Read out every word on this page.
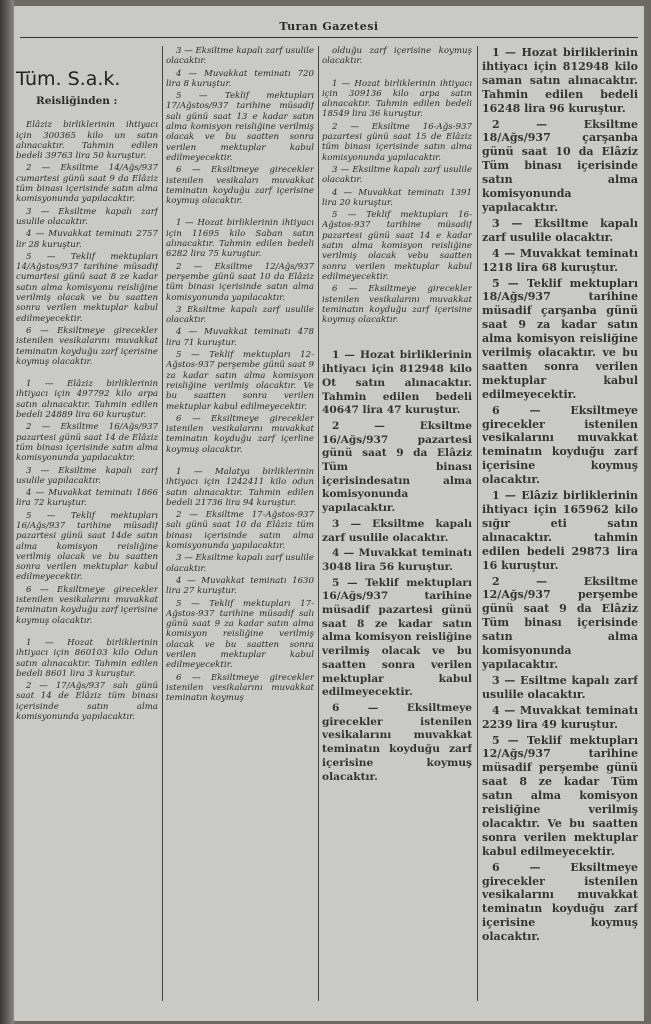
Turan Gazetesi
Tüm. S.a.k.
Reisliğinden :

Elâziz birliklerinin ihtiyacı için 300365 kilo un satın alınacaktır. Tahmin edilen bedeli 39763 lira 50 kuruştur.

2 — Eksiltme 14/Ağs/937 cumartesi günü saat 9 da Elâziz tüm binası içerisinde satın alma komisyonunda yapılacaktır.

3 — Eksiltme kapalı zarf usulile olacaktır.

4 — Muvakkat teminatı 2757 lir 28 kuruştur.

5 — Teklif mektupları 14/Ağstos/937 tarihine müsadif cumartesi günü saat 8 ze kadar satın alma komisyonu reisliğine verilmiş olacak ve bu saatten sonra verilen mektuplar kabul edilmeyecektir.

6 — Eksiltmeye girecekler istenilen vesikalarını muvakkat teminatın koyduğu zarf içerisine koymuş olacaktır.

1 — Elâziz birliklerinin ihtiyacı için 497792 kilo arpa satın alınacaktır. Tahmin edilen bedeli 24889 lira 60 kuruştur.

2 — Eksiltme 16/Ağs/937 pazartesi günü saat 14 de Elâziz tüm binası içerisinde satın alma komisyonunda yapılacaktır.

3 — Eksiltme kapalı zarf usulile yapılacaktır.

4 — Muvakkat teminatı 1866 lira 72 kuruştur.

5 — Teklif mektupları 16/Ağs/937 tarihine müsadif pazartesi günü saat 14de satın alma komisyon reisliğine verilmiş olacak ve bu saatten sonra verilen mektuplar kabul edilmeyecektir.

6 — Eksiltmeye girecekler istenilen vesikalarını muvakkat teminatın koyduğu zarf içerisine koymuş olacaktır.

1 — Hozat birliklerinin ihtiyacı için 860103 kilo Odun satın alınacaktır. Tahmin edilen bedeli 8601 lira 3 kuruştur.

2 — 17/Ağs/937 salı günü saat 14 de Elâziz tüm binası içerisinde satın alma komisyonunda yapılacaktır.

3 — Eksiltme kapalı zarf usulile olacaktır.

4 — Muvakkat teminatı 720 lira 8 kuruştur.

5 — Teklif mektupları 17/Ağstos/937 tarihine müsadif salı günü saat 13 e kadar satın alma komisyon reisliğine verilmiş olacak ve bu saatten sonra verilen mektuplar kabul edilmeyecektir.

6 — Eksiltmeye girecekler istenilen vesikaları muvakkat teminatın koyduğu zarf içerisine koymuş olacaktır.

1 — Hozat birliklerinin ihtiyacı için 11695 kilo Saban satın alınacaktır. Tahmin edilen bedeli 6282 lira 75 kuruştur.

2 — Eksiltme 12/Ağs/937 perşembe günü saat 10 da Elâziz tüm binası içerisinde satın alma komisyonunda yapılacaktır.

3 Eksiltme kapalı zarf usulile olacaktır.

4 — Muvakkat teminatı 478 lira 71 kuruştur.

5 — Teklif mektupları 12-Ağstos-937 perşembe günü saat 9 za kadar satın alma komisyon reisliğine verilmiş olacaktır. Ve bu saatten sonra verilen mektuplar kabul edilmeyecektir.

6 — Eksiltmeye girecekler istenilen vesikalarını muvakkat teminatın koyduğu zarf içerline koymuş olacaktır.

1 — Malatya birliklerinin ihtiyacı için 1242411 kilo odun satın alınacaktır. Tahmin edilen bedeli 21736 lira 94 kuruştur.

2 — Eksiltme 17-Ağstos-937 salı günü saat 10 da Elâziz tüm binası içerisinde satın alma komisyonunda yapılacaktır.

3 — Eksiltme kapalı zarf usulile olacaktır.

4 — Muvakkat teminatı 1630 lira 27 kuruştur.

5 — Teklif mektupları 17-Ağstos-937 tarihine müsadif salı günü saat 9 za kadar satın alma komisyon reisliğine verilmiş olacak ve bu saatten sonra verilen mektuplar kabul edilmeyecektir.

6 — Eksiltmeye girecekler istenilen vesikalarını muvakkat teminatın koymuş

olduğu zarf içerisine koymuş olacaktır.

1 — Hozat birliklerinin ihtiyacı için 309136 kilo arpa satın alınacaktır. Tahmin edilen bedeli 18549 lira 36 kuruştur.

2 — Eksiltme 16-Ağs-937 pazartesi günü saat 15 de Elâziz tüm binası içerisinde satın alma komisyonunda yapılacaktır.

3 — Eksiltme kapalı zarf usulile olacaktır.

4 — Muvakkat teminatı 1391 lira 20 kuruştur.

5 — Teklif mektupları 16-Ağstos-937 tarihine müsadif pazartesi günü saat 14 e kadar satın alma komisyon reisliğine verilmiş olacak vebu saatten sonra verilen mektuplar kabul edilmeyecektir.

6 — Eksiltmeye girecekler istenilen vesikalarını muvakkat teminatın koyduğu zarf içerisine koymuş olacaktır.

1 — Hozat birliklerinin ihtiyacı için 812948 kilo Ot satın alınacaktır. Tahmin edilen bedeli 40647 lira 47 kuruştur.

2 — Eksiltme 16/Ağs/937 pazartesi günü saat 9 da Elâziz Tüm binası içerisindesatın alma komisyonunda yapılacaktır.

3 — Eksiltme kapalı zarf usulile olacaktır.

4 — Muvakkat teminatı 3048 lira 56 kuruştur.

5 — Teklif mektupları 16/Ağs/937 tarihine müsadif pazartesi günü saat 8 ze kadar satın alma komisyon reisliğine verilmiş olacak ve bu saatten sonra verilen mektuplar kabul edilmeyecektir.

6 — Eksiltmeye girecekler istenilen vesikalarını muvakkat teminatın koyduğu zarf içerisine koymuş olacaktır.

1 — Hozat birliklerinin ihtiyacı için 812948 kilo saman satın alınacaktır. Tahmin edilen bedeli 16248 lira 96 kuruştur.

2 — Eksiltme 18/Ağs/937 çarşanba günü saat 10 da Elâziz Tüm binası içerisinde satın alma komisyonunda yapılacaktır.

3 — Eksiltme kapalı zarf usulile olacaktır.

4 — Muvakkat teminatı 1218 lira 68 kuruştur.

5 — Teklif mektupları 18/Ağs/937 tarihine müsadif çarşanba günü saat 9 za kadar satın alma komisyon reisliğine verilmiş olacaktır. ve bu saatten sonra verilen mektuplar kabul edilmeyecektir.

6 — Eksiltmeye girecekler istenilen vesikalarını muvakkat teminatın koyduğu zarf içerisine koymuş olacaktır.

1 — Elâziz birliklerinin ihtiyacı için 165962 kilo sığır eti satın alınacaktır. tahmin edilen bedeli 29873 lira 16 kuruştur.

2 — Eksiltme 12/Ağs/937 perşembe günü saat 9 da Elâziz Tüm binası içerisinde satın alma komisyonunda yapılacaktır.

3 — Esiltme kapalı zarf usulile olacaktır.

4 — Muvakkat teminatı 2239 lira 49 kuruştur.

5 — Teklif mektupları 12/Ağs/937 tarihine müsadif perşembe günü saat 8 ze kadar Tüm satın alma komisyon reisliğine verilmiş olacaktır. Ve bu saatten sonra verilen mektuplar kabul edilmeyecektir.

6 — Eksiltmeye girecekler istenilen vesikalarını muvakkat teminatın koyduğu zarf içerisine koymuş olacaktır.
